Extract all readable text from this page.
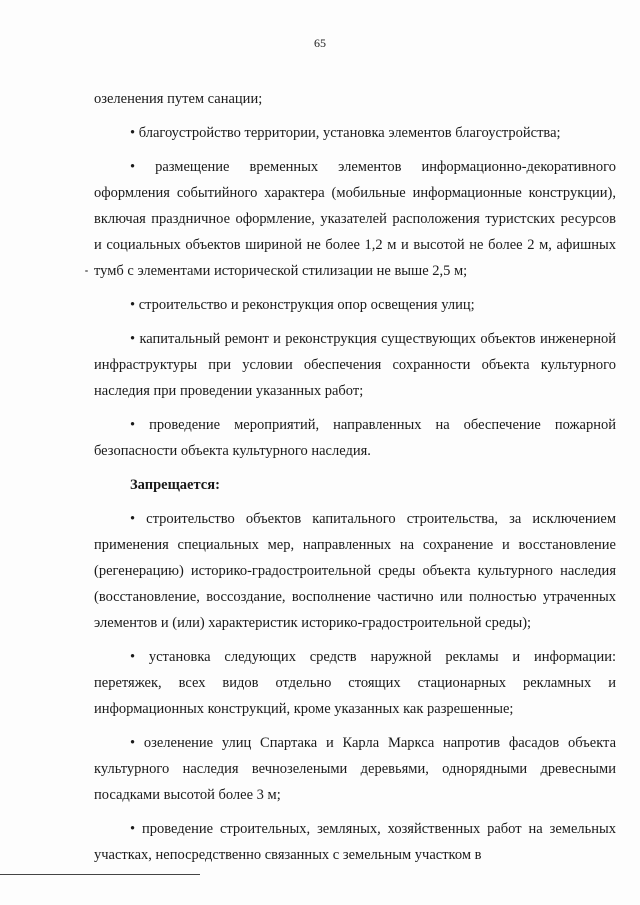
65

озеленения путем санации;

• благоустройство территории, установка элементов благоустройства;

• размещение временных элементов информационно-декоративного оформления событийного характера (мобильные информационные конструкции), включая праздничное оформление, указателей расположения туристских ресурсов и социальных объектов шириной не более 1,2 м и высотой не более 2 м, афишных тумб с элементами исторической стилизации не выше 2,5 м;

• строительство и реконструкция опор освещения улиц;

• капитальный ремонт и реконструкция существующих объектов инженерной инфраструктуры при условии обеспечения сохранности объекта культурного наследия при проведении указанных работ;

• проведение мероприятий, направленных на обеспечение пожарной безопасности объекта культурного наследия.

Запрещается:

• строительство объектов капитального строительства, за исключением применения специальных мер, направленных на сохранение и восстановление (регенерацию) историко-градостроительной среды объекта культурного наследия (восстановление, воссоздание, восполнение частично или полностью утраченных элементов и (или) характеристик историко-градостроительной среды);

• установка следующих средств наружной рекламы и информации: перетяжек, всех видов отдельно стоящих стационарных рекламных и информационных конструкций, кроме указанных как разрешенные;

• озеленение улиц Спартака и Карла Маркса напротив фасадов объекта культурного наследия вечнозелеными деревьями, однорядными древесными посадками высотой более 3 м;

• проведение строительных, земляных, хозяйственных работ на земельных участках, непосредственно связанных с земельным участком в
